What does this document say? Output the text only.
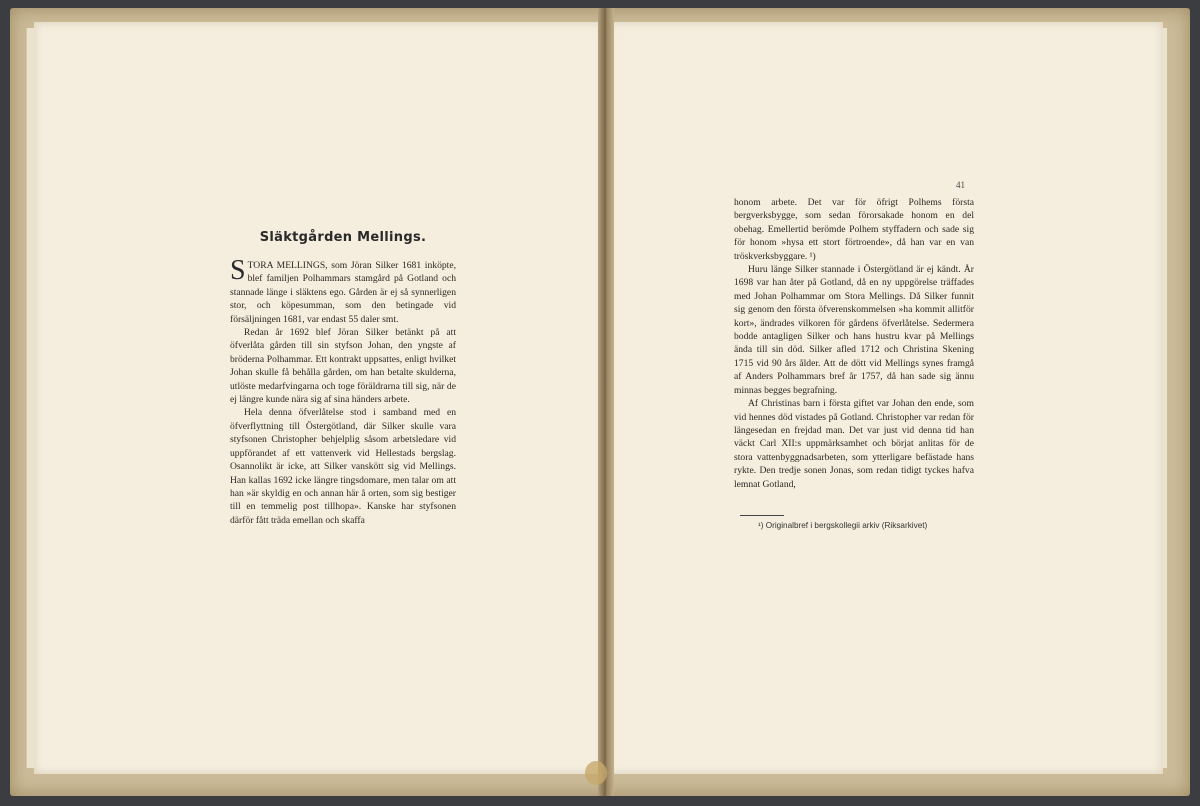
Släktgården Mellings.

STORA MELLINGS, som Jöran Silker 1681 inköpte, blef familjen Polhammars stamgård på Gotland och stannade länge i släktens ego. Gården är ej så synnerligen stor, och köpesumman, som den betingade vid försäljningen 1681, var endast 55 daler smt.

Redan år 1692 blef Jöran Silker betänkt på att öfverlåta gården till sin styfson Johan, den yngste af bröderna Polhammar. Ett kontrakt uppsattes, enligt hvilket Johan skulle få behålla gården, om han betalte skulderna, utlöste medarfvingarna och toge föräldrarna till sig, när de ej längre kunde nära sig af sina händers arbete.

Hela denna öfverlåtelse stod i samband med en öfverflyttning till Östergötland, där Silker skulle vara styfsonen Christopher behjelplig såsom arbetsledare vid uppförandet af ett vattenverk vid Hellestads bergslag. Osannolikt är icke, att Silker vanskött sig vid Mellings. Han kallas 1692 icke längre tingsdomare, men talar om att han »är skyldig en och annan här å orten, som sig bestiger till en temmelig post tillhopa». Kanske har styfsonen därför fått träda emellan och skaffa

41

honom arbete. Det var för öfrigt Polhems första bergverksbygge, som sedan förorsakade honom en del obehag. Emellertid berömde Polhem styffadern och sade sig för honom »hysa ett stort förtroende», då han var en van tröskverksbyggare. ¹)

Huru länge Silker stannade i Östergötland är ej kändt. År 1698 var han åter på Gotland, då en ny uppgörelse träffades med Johan Polhammar om Stora Mellings. Då Silker funnit sig genom den första öfverenskommelsen »ha kommit allitför kort», ändrades vilkoren för gårdens öfverlåtelse. Sedermera bodde antagligen Silker och hans hustru kvar på Mellings ända till sin död. Silker afled 1712 och Christina Skening 1715 vid 90 års ålder. Att de dött vid Mellings synes framgå af Anders Polhammars bref år 1757, då han sade sig ännu minnas begges begrafning.

Af Christinas barn i första giftet var Johan den ende, som vid hennes död vistades på Gotland. Christopher var redan för längesedan en frejdad man. Det var just vid denna tid han väckt Carl XII:s uppmärksamhet och börjat anlitas för de stora vattenbyggnadsarbeten, som ytterligare befästade hans rykte. Den tredje sonen Jonas, som redan tidigt tyckes hafva lemnat Gotland,

¹) Originalbref i bergskollegii arkiv (Riksarkivet)
